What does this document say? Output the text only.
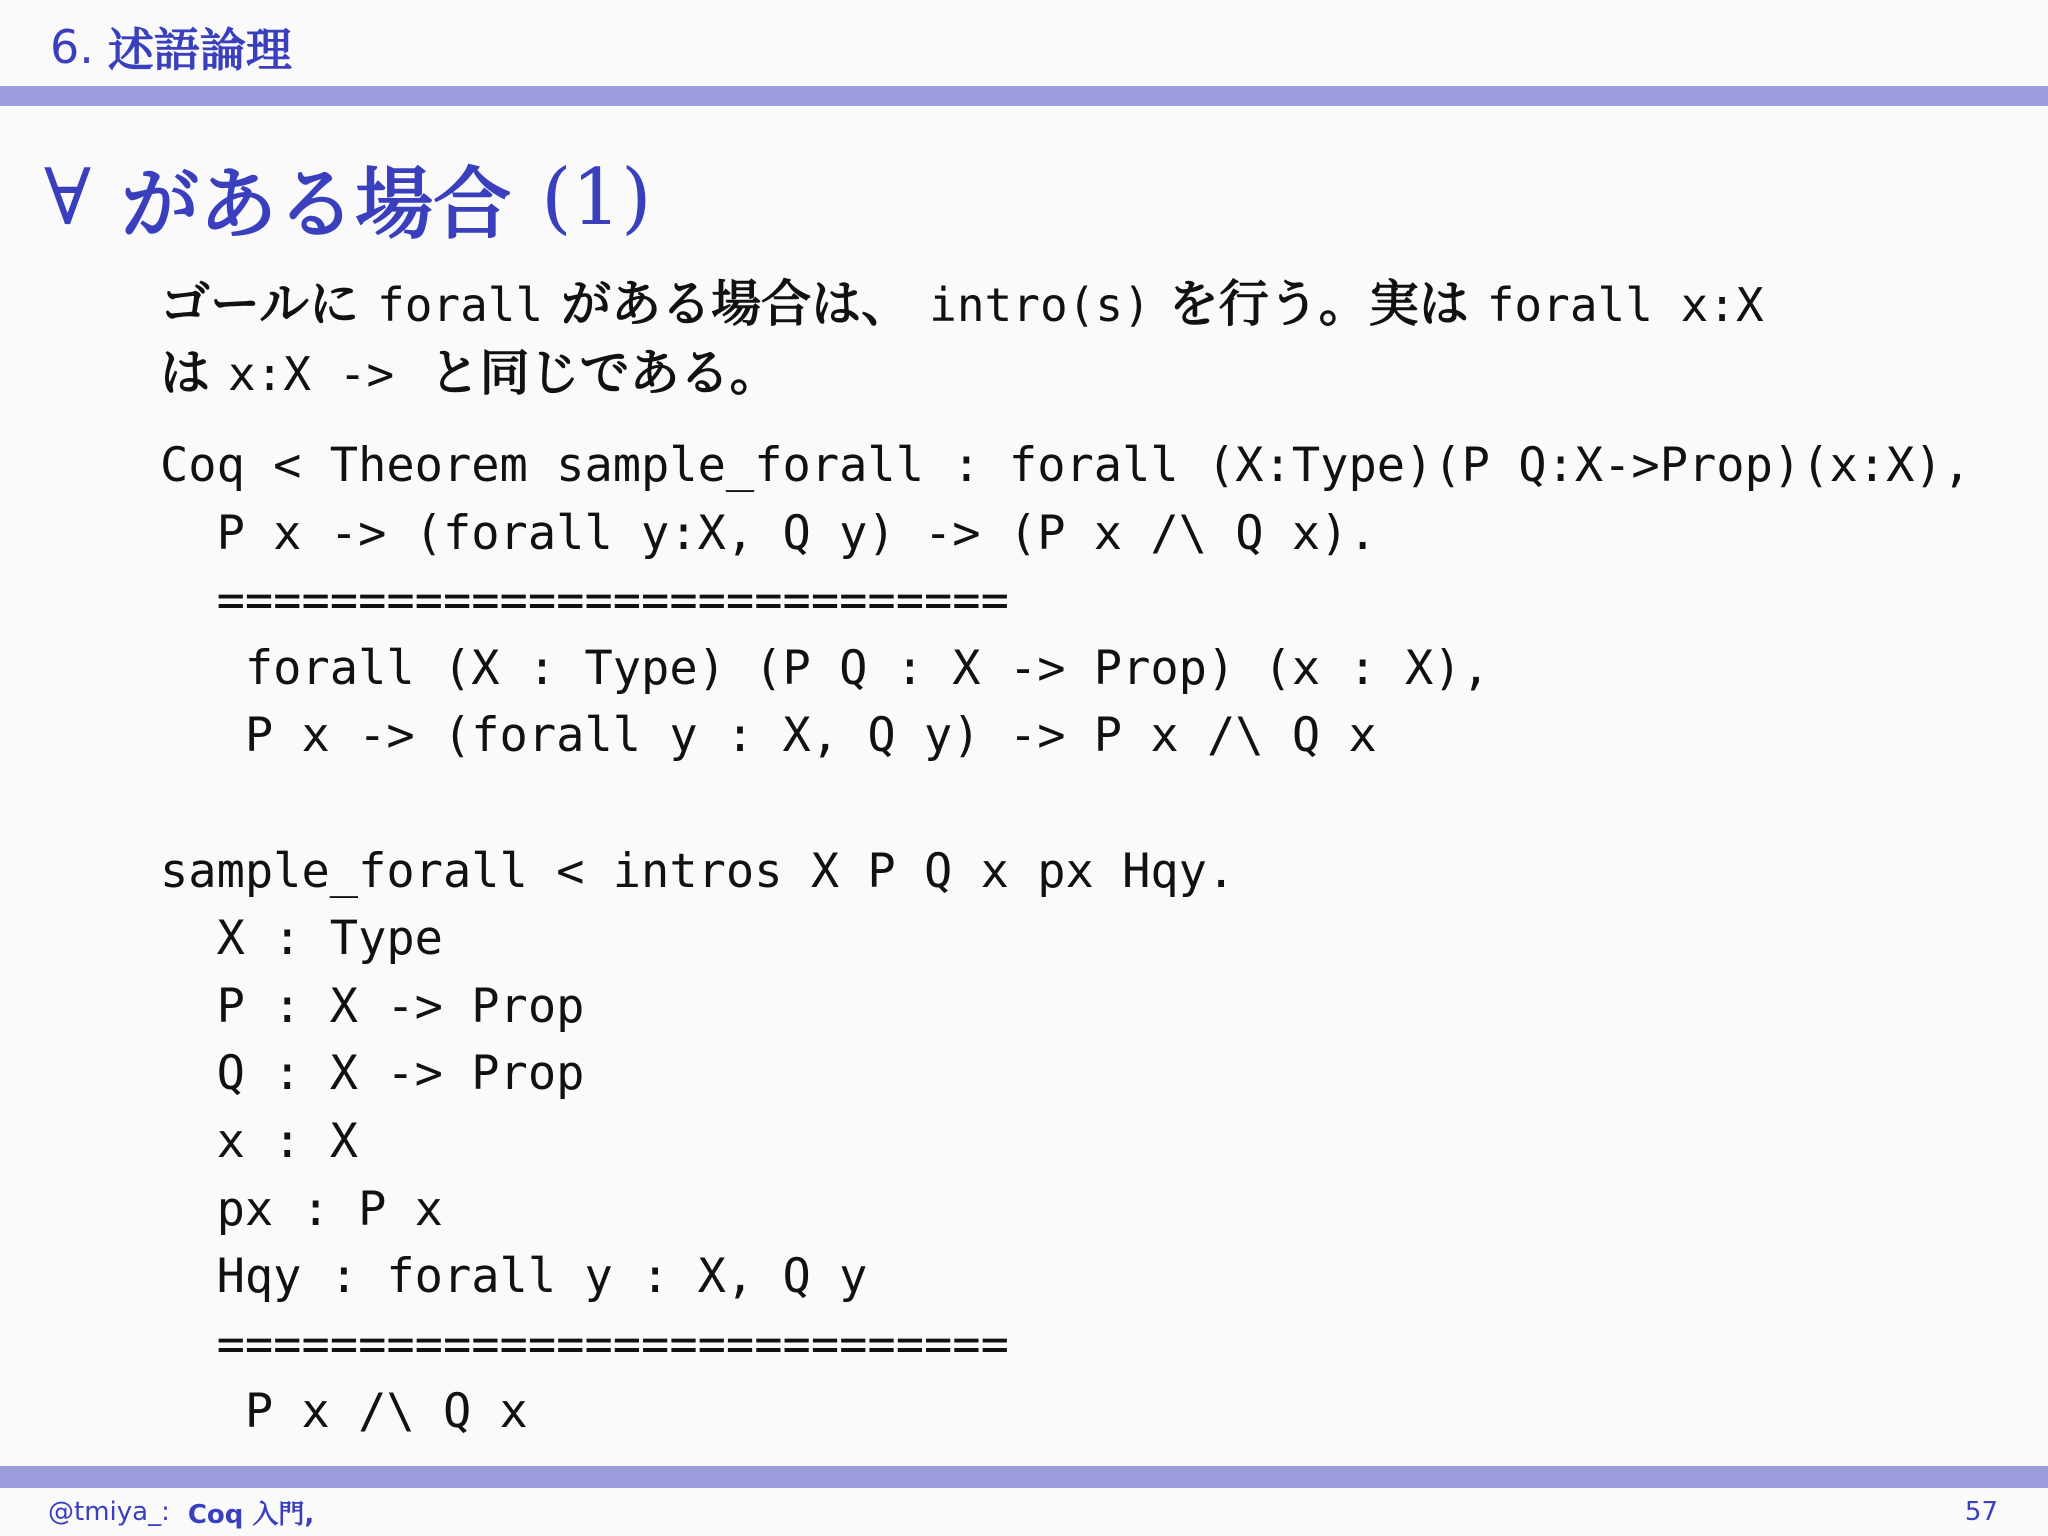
6. 述語論理
∀ がある場合 (1)
ゴールに forall がある場合は、 intro(s) を行う。実は forall x:X
は x:X -> と同じである。
Coq < Theorem sample_forall : forall (X:Type)(P Q:X->Prop)(x:X),
P x -> (forall y:X, Q y) -> (P x /\ Q x).
============================
forall (X : Type) (P Q : X -> Prop) (x : X),
P x -> (forall y : X, Q y) -> P x /\ Q x

sample_forall < intros X P Q x px Hqy.
X : Type
P : X -> Prop
Q : X -> Prop
x : X
px : P x
Hqy : forall y : X, Q y
============================
P x /\ Q x
@tmiya_: Coq 入門,	57
